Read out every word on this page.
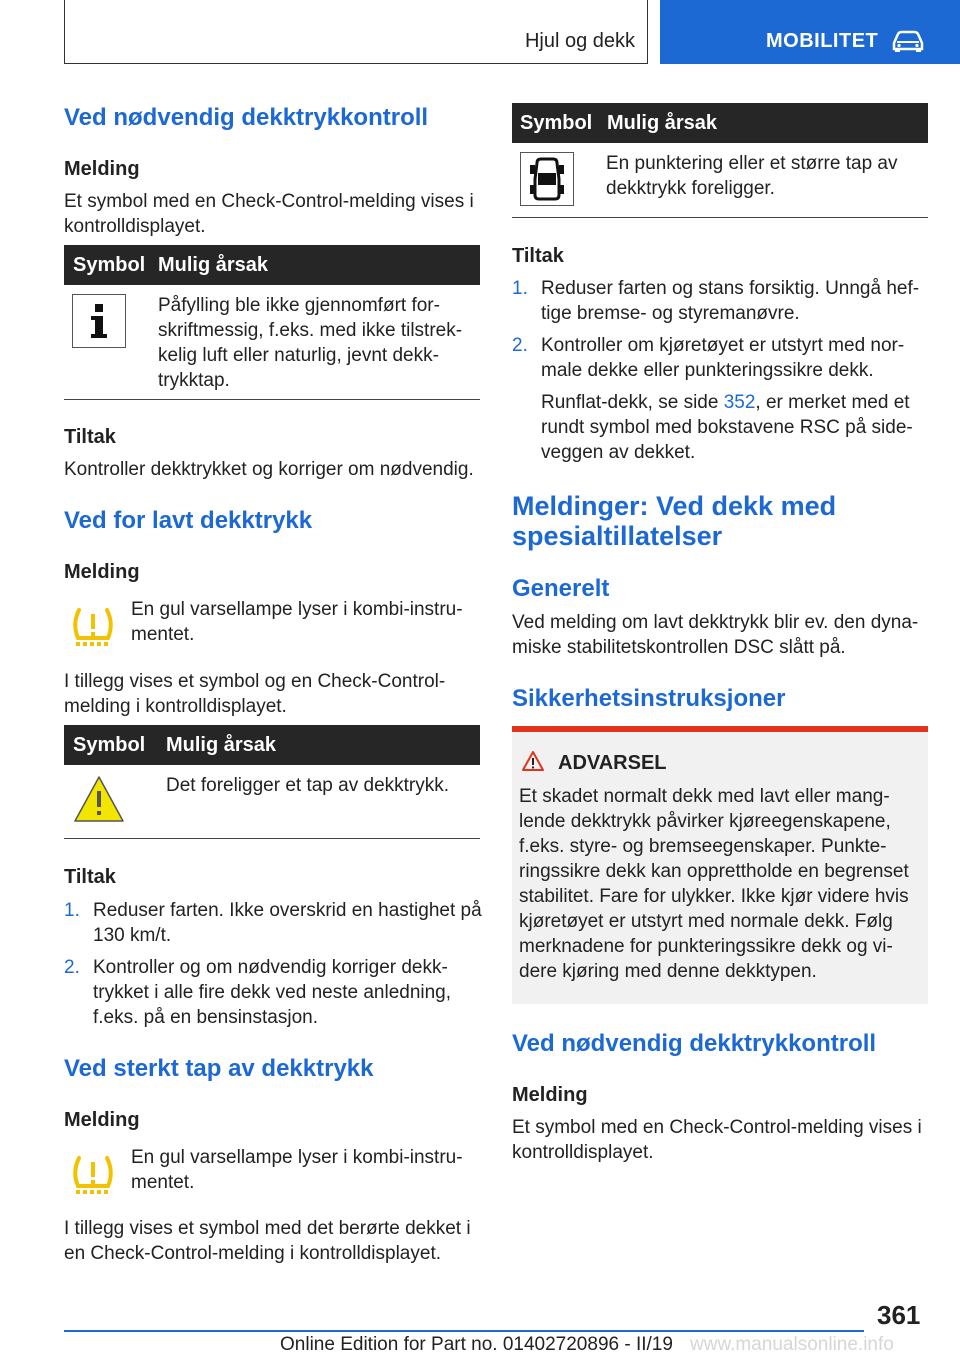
Hjul og dekk	MOBILITET
Ved nødvendig dekktrykkontroll
Melding
Et symbol med en Check-Control-melding vises i
kontrolldisplayet.
Symbol Mulig årsak
Påfylling ble ikke gjennomført for-
skriftmessig, f.eks. med ikke tilstrek-
kelig luft eller naturlig, jevnt dekk-
trykktap.
Tiltak
Kontroller dekktrykket og korriger om nødvendig.
Ved for lavt dekktrykk
Melding
En gul varsellampe lyser i kombi-instru-
mentet.
I tillegg vises et symbol og en Check-Control-
melding i kontrolldisplayet.
Symbol Mulig årsak
Det foreligger et tap av dekktrykk.
Tiltak
1. Reduser farten. Ikke overskrid en hastighet på
130 km/t.
2. Kontroller og om nødvendig korriger dekk-
trykket i alle fire dekk ved neste anledning,
f.eks. på en bensinstasjon.
Ved sterkt tap av dekktrykk
Melding
En gul varsellampe lyser i kombi-instru-
mentet.
I tillegg vises et symbol med det berørte dekket i
en Check-Control-melding i kontrolldisplayet.
Symbol Mulig årsak
En punktering eller et større tap av
dekktrykk foreligger.
Tiltak
1. Reduser farten og stans forsiktig. Unngå hef-
tige bremse- og styremanøvre.
2. Kontroller om kjøretøyet er utstyrt med nor-
male dekke eller punkteringssikre dekk.
Runflat-dekk, se side 352, er merket med et
rundt symbol med bokstavene RSC på side-
veggen av dekket.
Meldinger: Ved dekk med
spesialtillatelser
Generelt
Ved melding om lavt dekktrykk blir ev. den dyna-
miske stabilitetskontrollen DSC slått på.
Sikkerhetsinstruksjoner
ADVARSEL
Et skadet normalt dekk med lavt eller mang-
lende dekktrykk påvirker kjøreegenskapene,
f.eks. styre- og bremseegenskaper. Punkte-
ringssikre dekk kan opprettholde en begrenset
stabilitet. Fare for ulykker. Ikke kjør videre hvis
kjøretøyet er utstyrt med normale dekk. Følg
merknadene for punkteringssikre dekk og vi-
dere kjøring med denne dekktypen.
Ved nødvendig dekktrykkontroll
Melding
Et symbol med en Check-Control-melding vises i
kontrolldisplayet.
361
Online Edition for Part no. 01402720896 - II/19 www.manualsonline.info
